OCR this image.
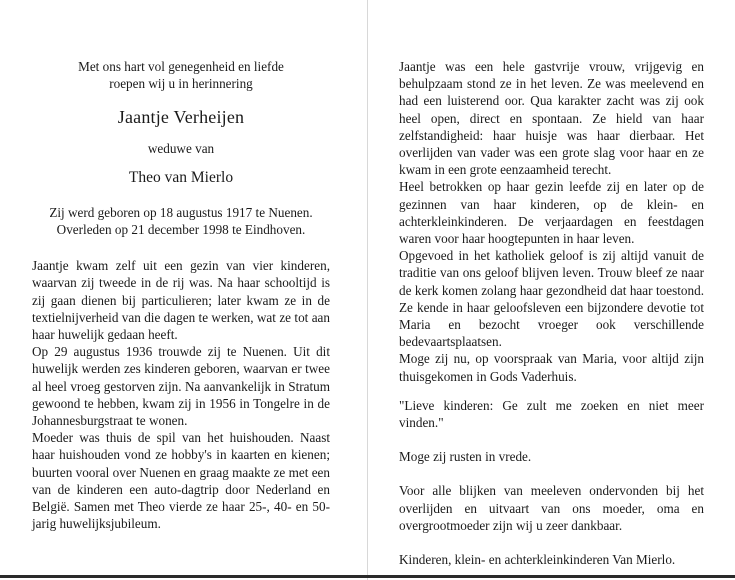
Met ons hart vol genegenheid en liefde
roepen wij u in herinnering
Jaantje Verheijen
weduwe van
Theo van Mierlo
Zij werd geboren op 18 augustus 1917 te Nuenen.
Overleden op 21 december 1998 te Eindhoven.

Jaantje kwam zelf uit een gezin van vier kinderen, waarvan zij tweede in de rij was. Na haar schooltijd is zij gaan dienen bij particulieren; later kwam ze in de textielnijverheid van die dagen te werken, wat ze tot aan haar huwelijk gedaan heeft.

Op 29 augustus 1936 trouwde zij te Nuenen. Uit dit huwelijk werden zes kinderen geboren, waarvan er twee al heel vroeg gestorven zijn. Na aanvankelijk in Stratum gewoond te hebben, kwam zij in 1956 in Tongelre in de Johannesburgstraat te wonen.

Moeder was thuis de spil van het huishouden. Naast haar huishouden vond ze hobby's in kaarten en kienen; buurten vooral over Nuenen en graag maakte ze met een van de kinderen een auto-dagtrip door Nederland en België. Samen met Theo vierde ze haar 25-, 40- en 50-jarig huwelijksjubileum.

Jaantje was een hele gastvrije vrouw, vrijgevig en behulpzaam stond ze in het leven. Ze was meelevend en had een luisterend oor. Qua karakter zacht was zij ook heel open, direct en spontaan. Ze hield van haar zelfstandigheid: haar huisje was haar dierbaar. Het overlijden van vader was een grote slag voor haar en ze kwam in een grote eenzaamheid terecht.

Heel betrokken op haar gezin leefde zij en later op de gezinnen van haar kinderen, op de klein- en achterkleinkinderen. De verjaardagen en feestdagen waren voor haar hoogtepunten in haar leven.

Opgevoed in het katholiek geloof is zij altijd vanuit de traditie van ons geloof blijven leven. Trouw bleef ze naar de kerk komen zolang haar gezondheid dat haar toestond. Ze kende in haar geloofsleven een bijzondere devotie tot Maria en bezocht vroeger ook verschillende bedevaartsplaatsen.

Moge zij nu, op voorspraak van Maria, voor altijd zijn thuisgekomen in Gods Vaderhuis.

"Lieve kinderen: Ge zult me zoeken en niet meer vinden."

Moge zij rusten in vrede.

Voor alle blijken van meeleven ondervonden bij het overlijden en uitvaart van ons moeder, oma en overgrootmoeder zijn wij u zeer dankbaar.

Kinderen, klein- en achterkleinkinderen Van Mierlo.
